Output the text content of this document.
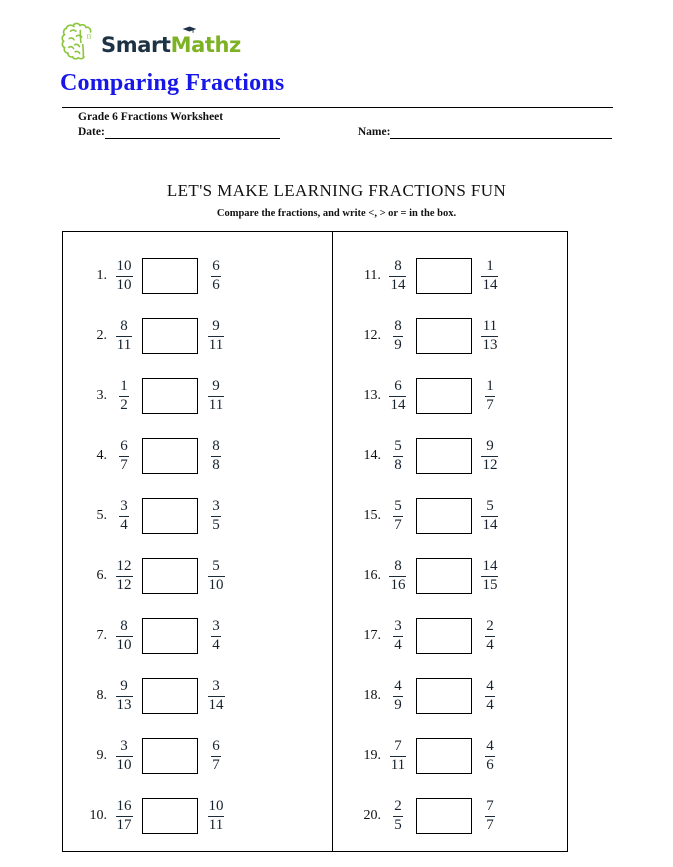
π SmartMathz
Comparing Fractions
Grade 6 Fractions Worksheet
Date:	Name:
LET'S MAKE LEARNING FRACTIONS FUN
Compare the fractions, and write <, > or = in the box.
1. $\frac{10}{10}$	$\frac{6}{6}$
2. $\frac{8}{11}$	$\frac{9}{11}$
3. $\frac{1}{2}$	$\frac{9}{11}$
4. $\frac{6}{7}$	$\frac{8}{8}$
5. $\frac{3}{4}$	$\frac{3}{5}$
6. $\frac{12}{12}$	$\frac{5}{10}$
7. $\frac{8}{10}$	$\frac{3}{4}$
8. $\frac{9}{13}$	$\frac{3}{14}$
9. $\frac{3}{10}$	$\frac{6}{7}$
10. $\frac{16}{17}$	$\frac{10}{11}$
11. $\frac{8}{14}$	$\frac{1}{14}$
12. $\frac{8}{9}$	$\frac{11}{13}$
13. $\frac{6}{14}$	$\frac{1}{7}$
14. $\frac{5}{8}$	$\frac{9}{12}$
15. $\frac{5}{7}$	$\frac{5}{14}$
16. $\frac{8}{16}$	$\frac{14}{15}$
17. $\frac{3}{4}$	$\frac{2}{4}$
18. $\frac{4}{9}$	$\frac{4}{4}$
19. $\frac{7}{11}$	$\frac{4}{6}$
20. $\frac{2}{5}$	$\frac{7}{7}$
